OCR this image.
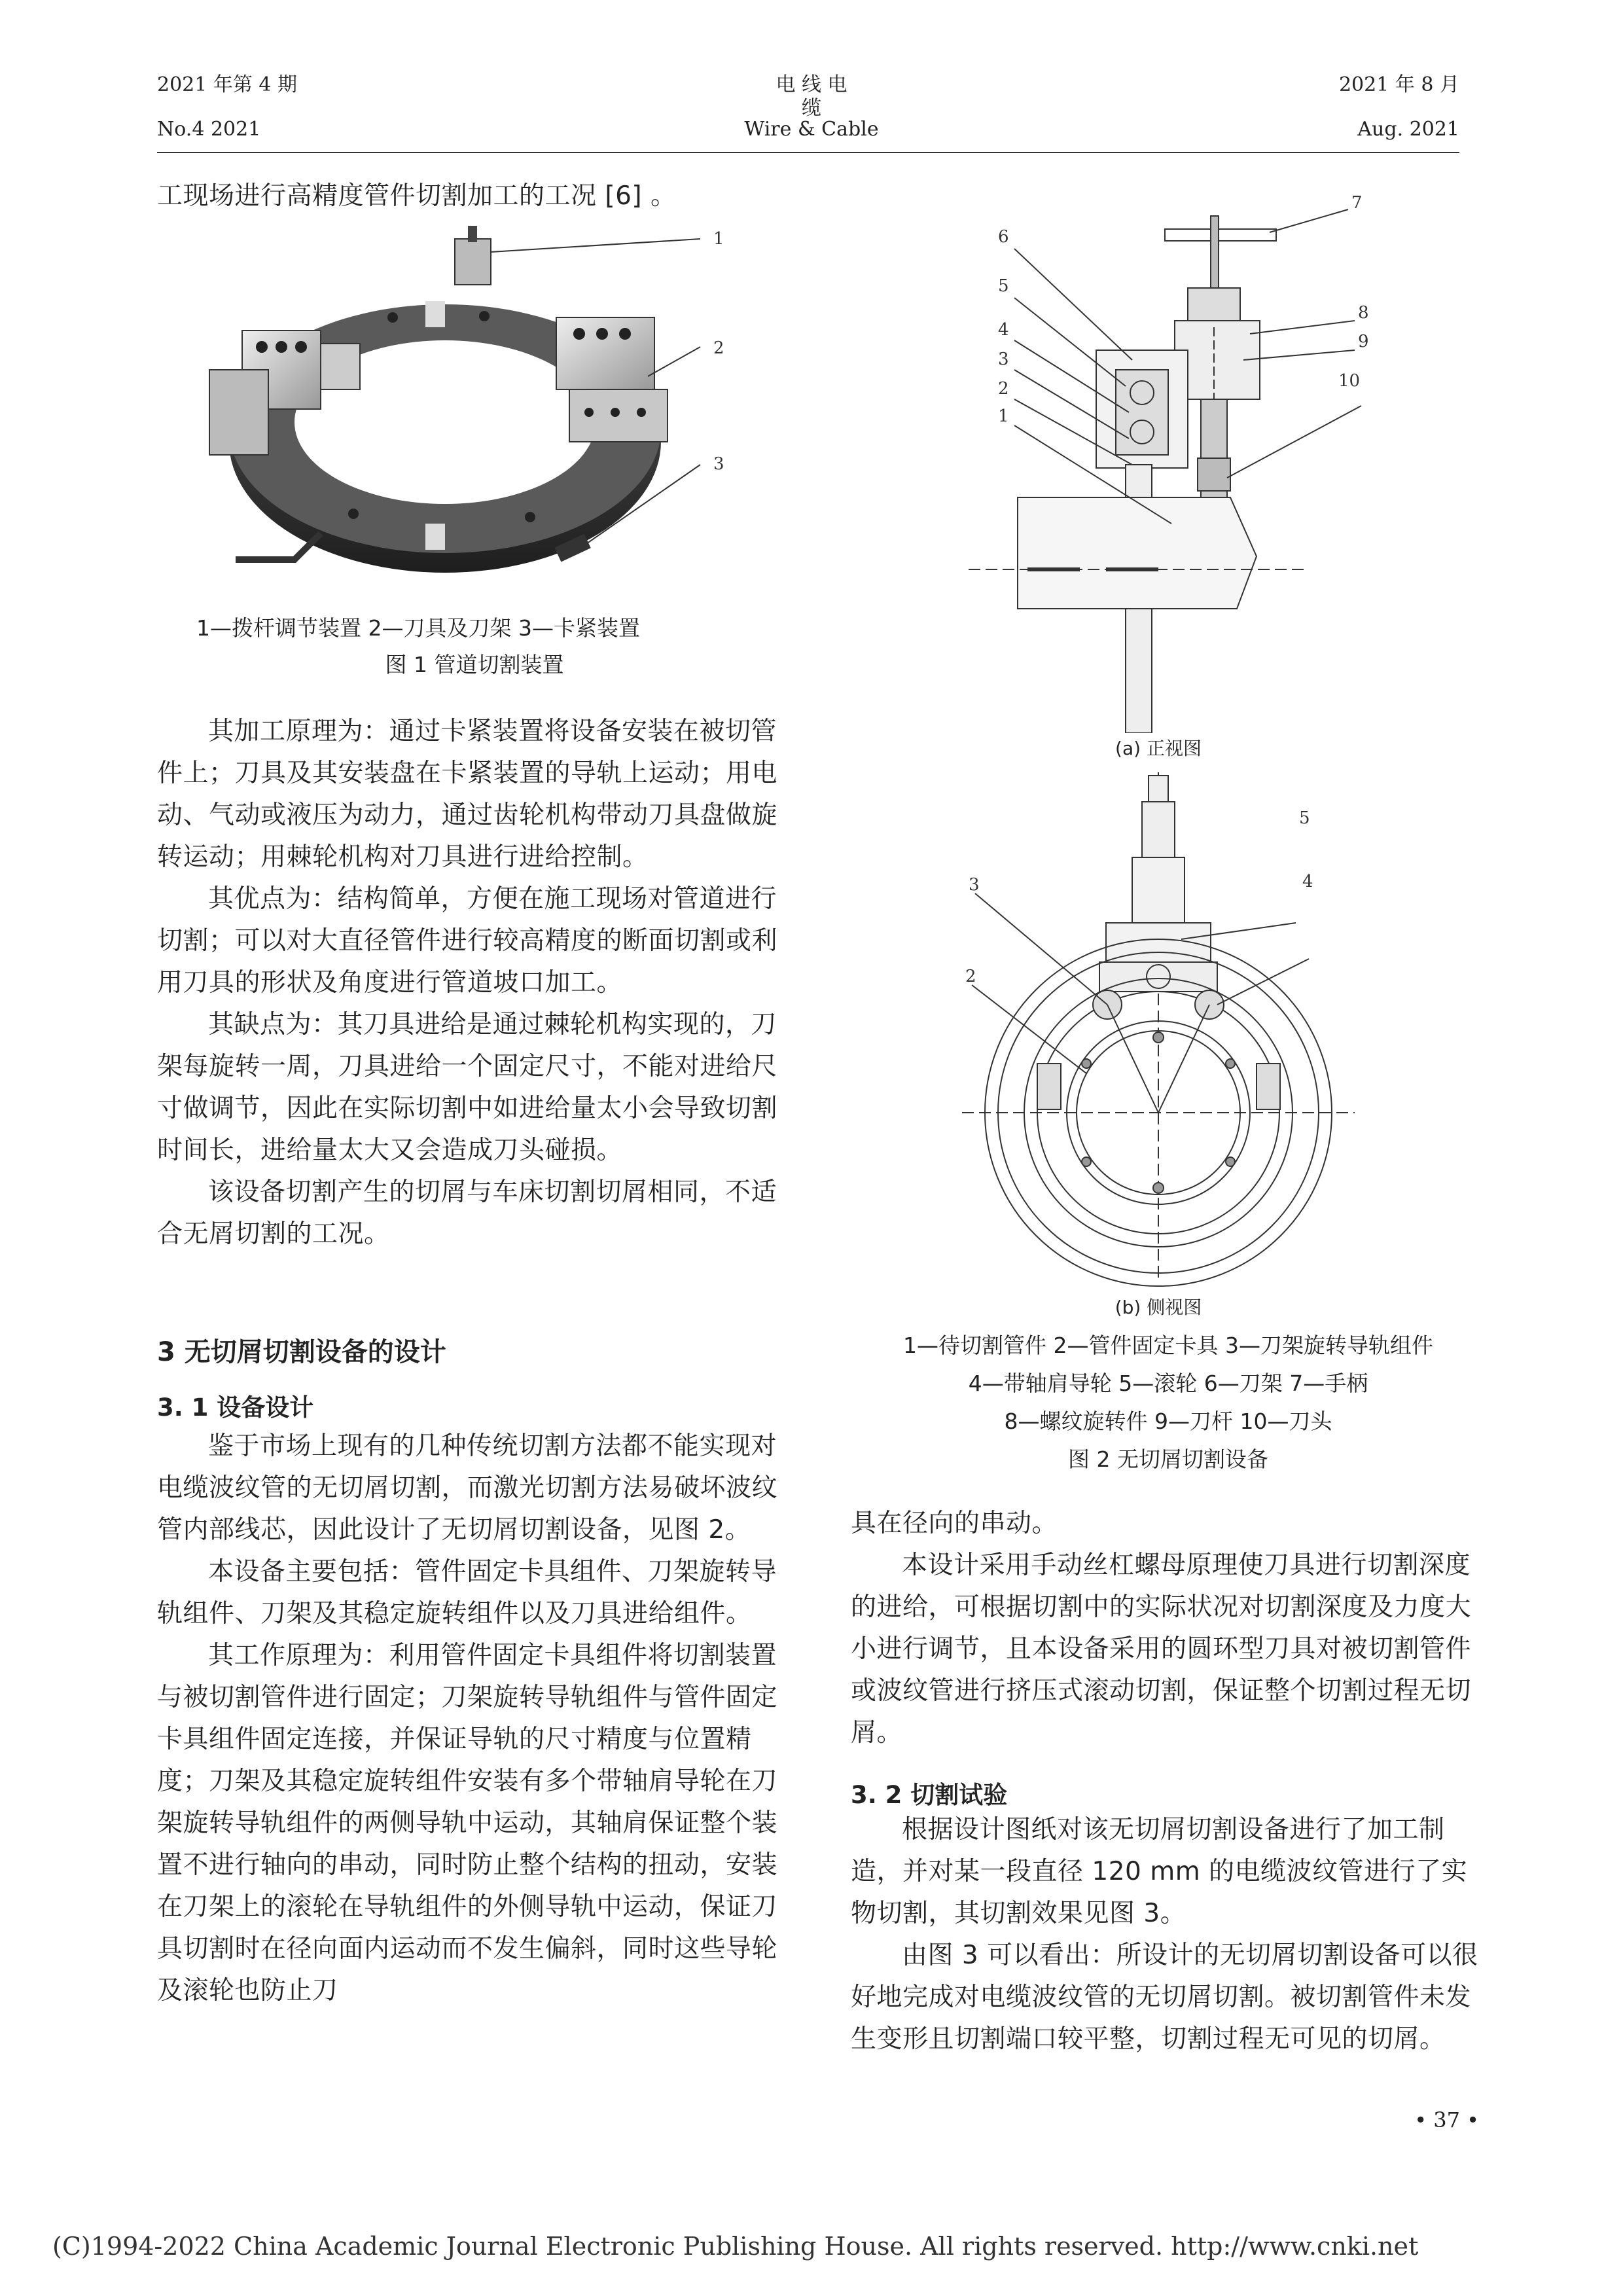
2021 年第 4 期
No.4 2021
电 线 电 缆
Wire & Cable
2021 年 8 月
Aug. 2021
工现场进行高精度管件切割加工的工况 [6] 。
1
2
3
1—拨杆调节装置 2—刀具及刀架 3—卡紧装置
图 1 管道切割装置

其加工原理为：通过卡紧装置将设备安装在被切管件上；刀具及其安装盘在卡紧装置的导轨上运动；用电动、气动或液压为动力，通过齿轮机构带动刀具盘做旋转运动；用棘轮机构对刀具进行进给控制。

其优点为：结构简单，方便在施工现场对管道进行切割；可以对大直径管件进行较高精度的断面切割或利用刀具的形状及角度进行管道坡口加工。

其缺点为：其刀具进给是通过棘轮机构实现的，刀架每旋转一周，刀具进给一个固定尺寸，不能对进给尺寸做调节，因此在实际切割中如进给量太小会导致切割时间长，进给量太大又会造成刀头碰损。

该设备切割产生的切屑与车床切割切屑相同，不适合无屑切割的工况。

3 无切屑切割设备的设计
3. 1 设备设计

鉴于市场上现有的几种传统切割方法都不能实现对电缆波纹管的无切屑切割，而激光切割方法易破坏波纹管内部线芯，因此设计了无切屑切割设备，见图 2。

本设备主要包括：管件固定卡具组件、刀架旋转导轨组件、刀架及其稳定旋转组件以及刀具进给组件。

其工作原理为：利用管件固定卡具组件将切割装置与被切割管件进行固定；刀架旋转导轨组件与管件固定卡具组件固定连接，并保证导轨的尺寸精度与位置精度；刀架及其稳定旋转组件安装有多个带轴肩导轮在刀架旋转导轨组件的两侧导轨中运动，其轴肩保证整个装置不进行轴向的串动，同时防止整个结构的扭动，安装在刀架上的滚轮在导轨组件的外侧导轨中运动，保证刀具切割时在径向面内运动而不发生偏斜，同时这些导轮及滚轮也防止刀

6
5
4
3
2
1
7
8
9
10
(a) 正视图
3
2
5
4
(b) 侧视图
1—待切割管件 2—管件固定卡具 3—刀架旋转导轨组件
4—带轴肩导轮 5—滚轮 6—刀架 7—手柄
8—螺纹旋转件 9—刀杆 10—刀头
图 2 无切屑切割设备

具在径向的串动。

本设计采用手动丝杠螺母原理使刀具进行切割深度的进给，可根据切割中的实际状况对切割深度及力度大小进行调节，且本设备采用的圆环型刀具对被切割管件或波纹管进行挤压式滚动切割，保证整个切割过程无切屑。

3. 2 切割试验

根据设计图纸对该无切屑切割设备进行了加工制造，并对某一段直径 120 mm 的电缆波纹管进行了实物切割，其切割效果见图 3。

由图 3 可以看出：所设计的无切屑切割设备可以很好地完成对电缆波纹管的无切屑切割。被切割管件未发生变形且切割端口较平整，切割过程无可见的切屑。

• 37 •
(C)1994-2022 China Academic Journal Electronic Publishing House. All rights reserved. http://www.cnki.net
